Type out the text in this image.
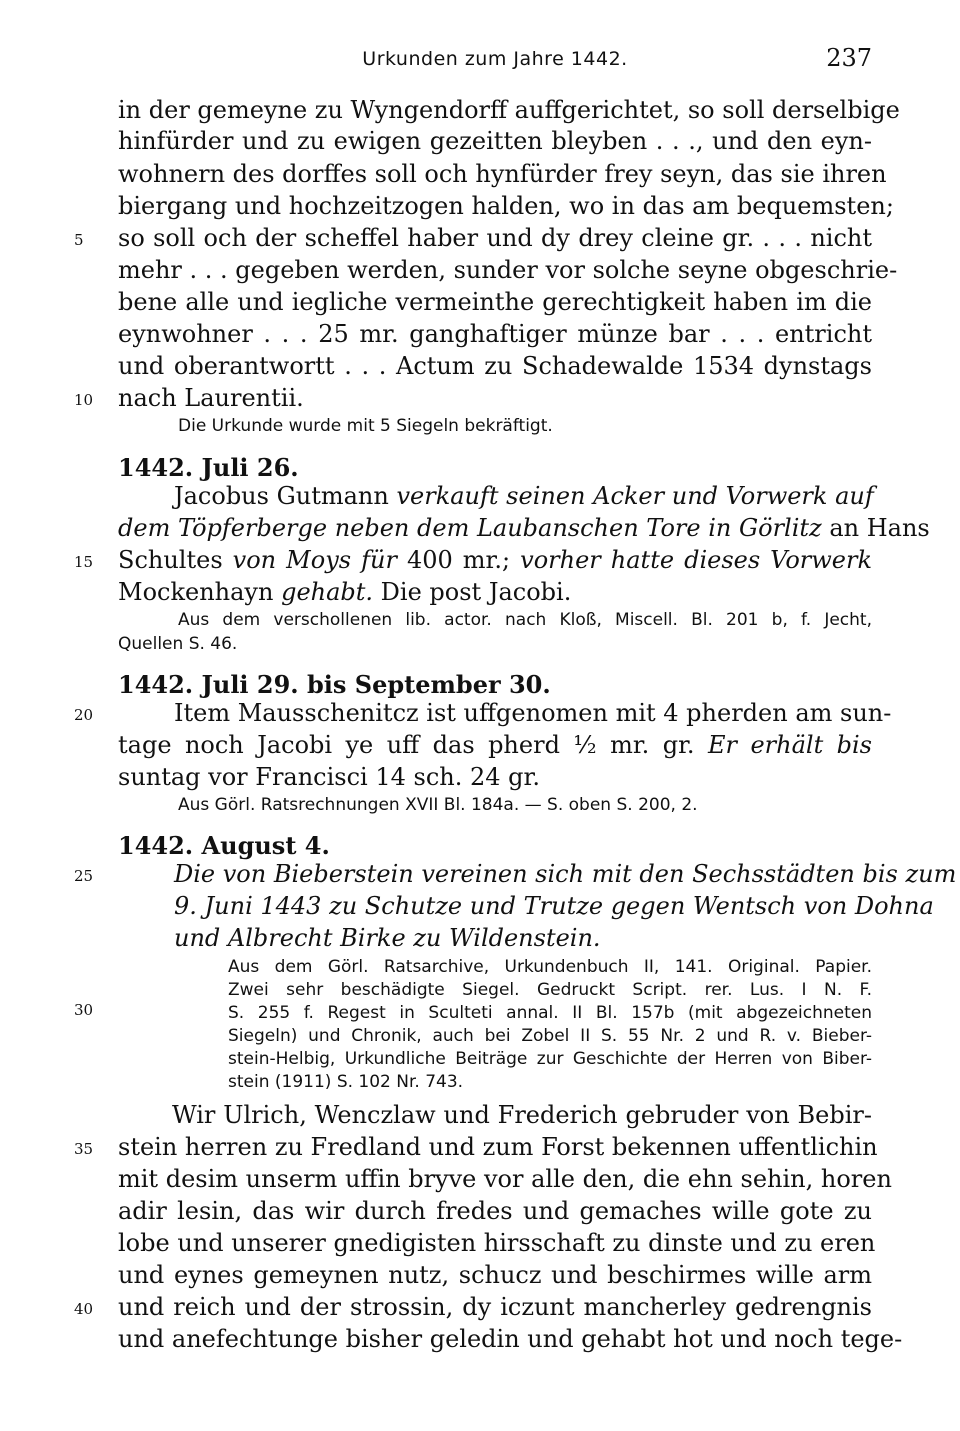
Urkunden zum Jahre 1442.	237
in der gemeyne zu Wyngendorff auffgerichtet, so soll derselbige
hinfürder und zu ewigen gezeitten bleyben . . ., und den eyn-
wohnern des dorffes soll och hynfürder frey seyn, das sie ihren
biergang und hochzeitzogen halden, wo in das am bequemsten;
so soll och der scheffel haber und dy drey cleine gr. . . . nicht
mehr . . . gegeben werden, sunder vor solche seyne obgeschrie-
bene alle und iegliche vermeinthe gerechtigkeit haben im die
eynwohner . . . 25 mr. ganghaftiger münze bar . . . entricht
und oberantwortt . . . Actum zu Schadewalde 1534 dynstags
nach Laurentii.
Die Urkunde wurde mit 5 Siegeln bekräftigt.
1442. Juli 26.
Jacobus Gutmann verkauft seinen Acker und Vorwerk auf
dem Töpferberge neben dem Laubanschen Tore in Görlitz an Hans
Schultes von Moys für 400 mr.; vorher hatte dieses Vorwerk
Mockenhayn gehabt. Die post Jacobi.
Aus dem verschollenen lib. actor. nach Kloß, Miscell. Bl. 201 b, f. Jecht,
Quellen S. 46.
1442. Juli 29. bis September 30.
Item Mausschenitcz ist uffgenomen mit 4 pherden am sun-
tage noch Jacobi ye uff das pherd ½ mr. gr. Er erhält bis
suntag vor Francisci 14 sch. 24 gr.
Aus Görl. Ratsrechnungen XVII Bl. 184a. — S. oben S. 200, 2.
1442. August 4.
Die von Bieberstein vereinen sich mit den Sechsstädten bis zum
9. Juni 1443 zu Schutze und Trutze gegen Wentsch von Dohna
und Albrecht Birke zu Wildenstein.
Aus dem Görl. Ratsarchive, Urkundenbuch II, 141. Original. Papier.
Zwei sehr beschädigte Siegel. Gedruckt Script. rer. Lus. I N. F.
S. 255 f. Regest in Sculteti annal. II Bl. 157b (mit abgezeichneten
Siegeln) und Chronik, auch bei Zobel II S. 55 Nr. 2 und R. v. Bieber-
stein-Helbig, Urkundliche Beiträge zur Geschichte der Herren von Biber-
stein (1911) S. 102 Nr. 743.
Wir Ulrich, Wenczlaw und Frederich gebruder von Bebir-
stein herren zu Fredland und zum Forst bekennen uffentlichin
mit desim unserm uffin bryve vor alle den, die ehn sehin, horen
adir lesin, das wir durch fredes und gemaches wille gote zu
lobe und unserer gnedigisten hirsschaft zu dinste und zu eren
und eynes gemeynen nutz, schucz und beschirmes wille arm
und reich und der strossin, dy iczunt mancherley gedrengnis
und anefechtunge bisher geledin und gehabt hot und noch tege-
5
10
15
20
25
30
35
40
